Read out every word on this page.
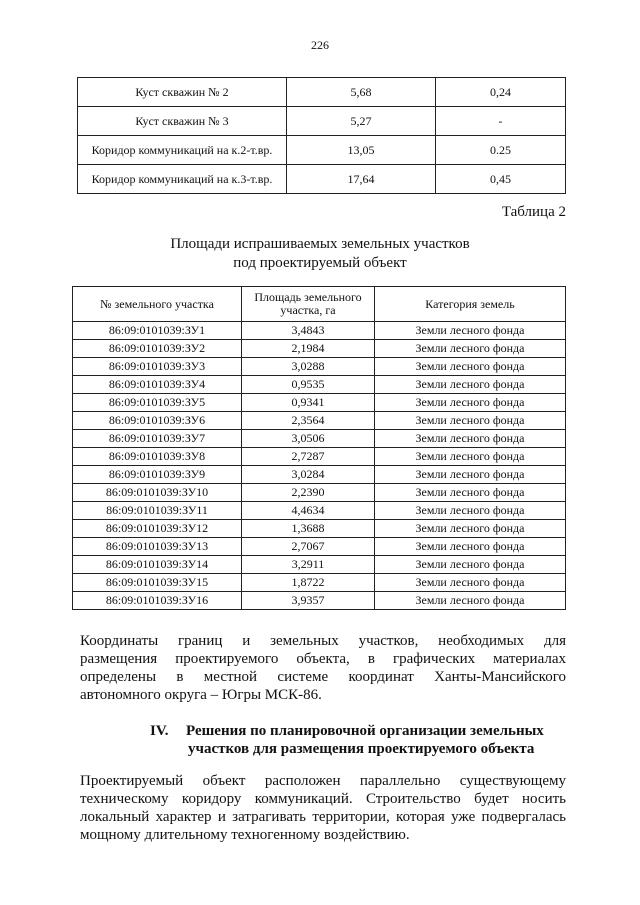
226
Куст скважин № 2	5,68	0,24
Куст скважин № 3	5,27	-
Коридор коммуникаций на к.2-т.вр.	13,05	0.25
Коридор коммуникаций на к.3-т.вр.	17,64	0,45
Таблица 2
Площади испрашиваемых земельных участков
под проектируемый объект
№ земельного участка	Площадь земельного участка, га	Категория земель
86:09:0101039:ЗУ1	3,4843	Земли лесного фонда
86:09:0101039:ЗУ2	2,1984	Земли лесного фонда
86:09:0101039:ЗУ3	3,0288	Земли лесного фонда
86:09:0101039:ЗУ4	0,9535	Земли лесного фонда
86:09:0101039:ЗУ5	0,9341	Земли лесного фонда
86:09:0101039:ЗУ6	2,3564	Земли лесного фонда
86:09:0101039:ЗУ7	3,0506	Земли лесного фонда
86:09:0101039:ЗУ8	2,7287	Земли лесного фонда
86:09:0101039:ЗУ9	3,0284	Земли лесного фонда
86:09:0101039:ЗУ10	2,2390	Земли лесного фонда
86:09:0101039:ЗУ11	4,4634	Земли лесного фонда
86:09:0101039:ЗУ12	1,3688	Земли лесного фонда
86:09:0101039:ЗУ13	2,7067	Земли лесного фонда
86:09:0101039:ЗУ14	3,2911	Земли лесного фонда
86:09:0101039:ЗУ15	1,8722	Земли лесного фонда
86:09:0101039:ЗУ16	3,9357	Земли лесного фонда
Координаты границ и земельных участков, необходимых для
размещения проектируемого объекта, в графических материалах
определены в местной системе координат Ханты-Мансийского
автономного округа – Югры МСК-86.
IV. Решения по планировочной организации земельных
участков для размещения проектируемого объекта
Проектируемый объект расположен параллельно существующему
техническому коридору коммуникаций. Строительство будет носить
локальный характер и затрагивать территории, которая уже подвергалась
мощному длительному техногенному воздействию.
